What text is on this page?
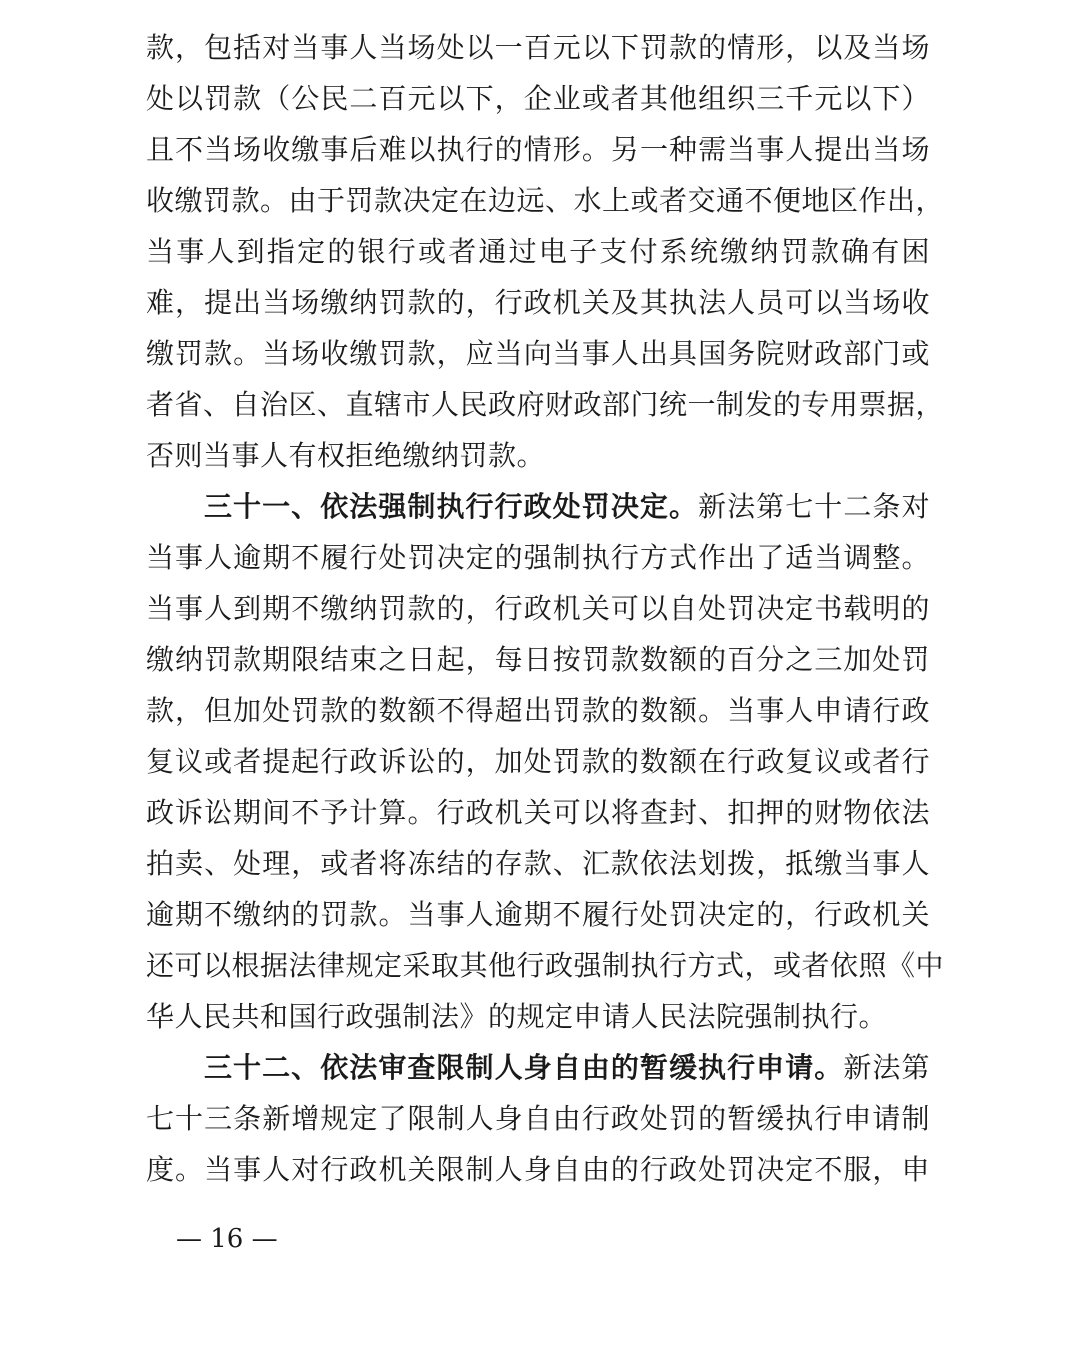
款，包括对当事人当场处以一百元以下罚款的情形，以及当场
处以罚款（公民二百元以下，企业或者其他组织三千元以下）
且不当场收缴事后难以执行的情形。另一种需当事人提出当场
收缴罚款。由于罚款决定在边远、水上或者交通不便地区作出，
当事人到指定的银行或者通过电子支付系统缴纳罚款确有困
难，提出当场缴纳罚款的，行政机关及其执法人员可以当场收
缴罚款。当场收缴罚款，应当向当事人出具国务院财政部门或
者省、自治区、直辖市人民政府财政部门统一制发的专用票据，
否则当事人有权拒绝缴纳罚款。
三十一、依法强制执行行政处罚决定。新法第七十二条对
当事人逾期不履行处罚决定的强制执行方式作出了适当调整。
当事人到期不缴纳罚款的，行政机关可以自处罚决定书载明的
缴纳罚款期限结束之日起，每日按罚款数额的百分之三加处罚
款，但加处罚款的数额不得超出罚款的数额。当事人申请行政
复议或者提起行政诉讼的，加处罚款的数额在行政复议或者行
政诉讼期间不予计算。行政机关可以将查封、扣押的财物依法
拍卖、处理，或者将冻结的存款、汇款依法划拨，抵缴当事人
逾期不缴纳的罚款。当事人逾期不履行处罚决定的，行政机关
还可以根据法律规定采取其他行政强制执行方式，或者依照《中
华人民共和国行政强制法》的规定申请人民法院强制执行。
三十二、依法审查限制人身自由的暂缓执行申请。新法第
七十三条新增规定了限制人身自由行政处罚的暂缓执行申请制
度。当事人对行政机关限制人身自由的行政处罚决定不服，申
— 16 —
